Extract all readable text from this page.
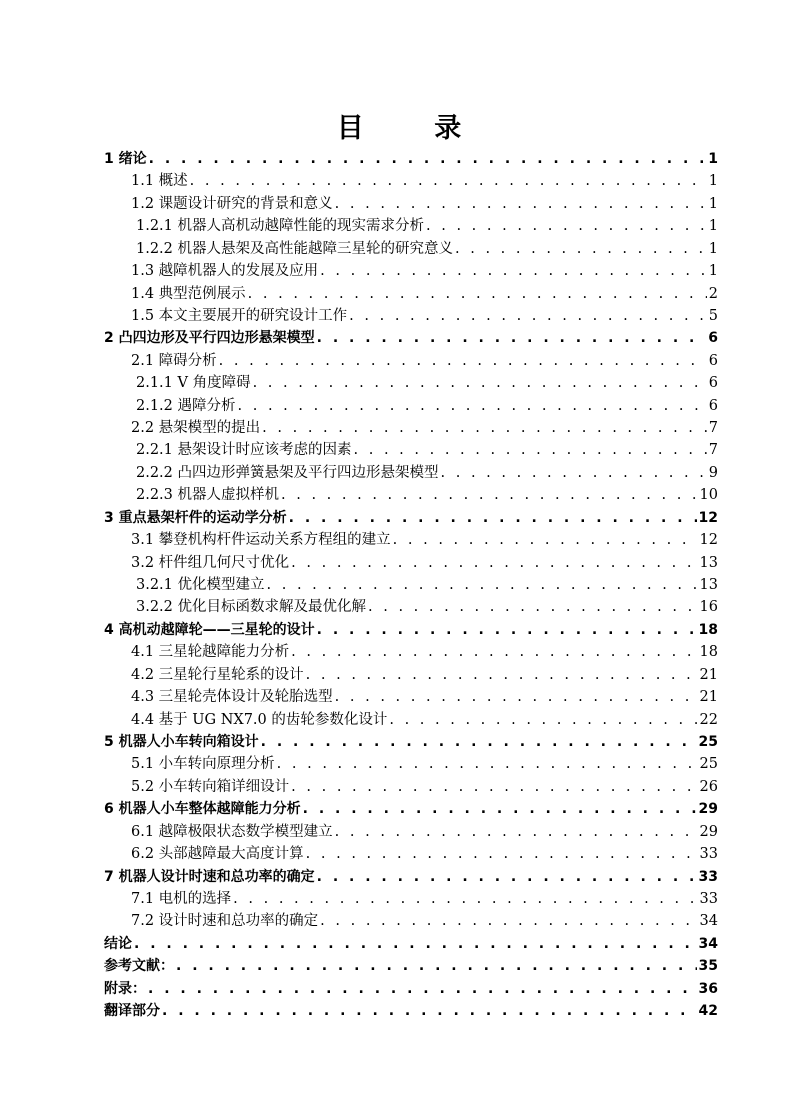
目      录
1 绪论 . . .	1
1.1 概述 . . .	1
1.2 课题设计研究的背景和意义 . . .	1
1.2.1 机器人高机动越障性能的现实需求分析 . . .	1
1.2.2 机器人悬架及高性能越障三星轮的研究意义 . . .	1
1.3 越障机器人的发展及应用 . . .	1
1.4 典型范例展示 . . .	2
1.5 本文主要展开的研究设计工作 . . .	5
2 凸四边形及平行四边形悬架模型 . . .	6
2.1 障碍分析 . . .	6
2.1.1 V 角度障碍 . . .	6
2.1.2 遇障分析 . . .	6
2.2 悬架模型的提出 . . .	7
2.2.1 悬架设计时应该考虑的因素 . . .	7
2.2.2 凸四边形弹簧悬架及平行四边形悬架模型 . . .	9
2.2.3 机器人虚拟样机 . . .	10
3 重点悬架杆件的运动学分析 . . .	12
3.1 攀登机构杆件运动关系方程组的建立 . . .	12
3.2 杆件组几何尺寸优化 . . .	13
3.2.1 优化模型建立 . . .	13
3.2.2 优化目标函数求解及最优化解 . . .	16
4 高机动越障轮——三星轮的设计 . . .	18
4.1 三星轮越障能力分析 . . .	18
4.2 三星轮行星轮系的设计 . . .	21
4.3 三星轮壳体设计及轮胎选型 . . .	21
4.4 基于 UG NX7.0 的齿轮参数化设计 . . .	22
5 机器人小车转向箱设计 . . .	25
5.1 小车转向原理分析 . . .	25
5.2 小车转向箱详细设计 . . .	26
6 机器人小车整体越障能力分析 . . .	29
6.1 越障极限状态数学模型建立 . . .	29
6.2 头部越障最大高度计算 . . .	33
7 机器人设计时速和总功率的确定 . . .	33
7.1 电机的选择 . . .	33
7.2 设计时速和总功率的确定 . . .	34
结论 . . .	34
参考文献： . . .	35
附录： . . .	36
翻译部分 . . .	42
